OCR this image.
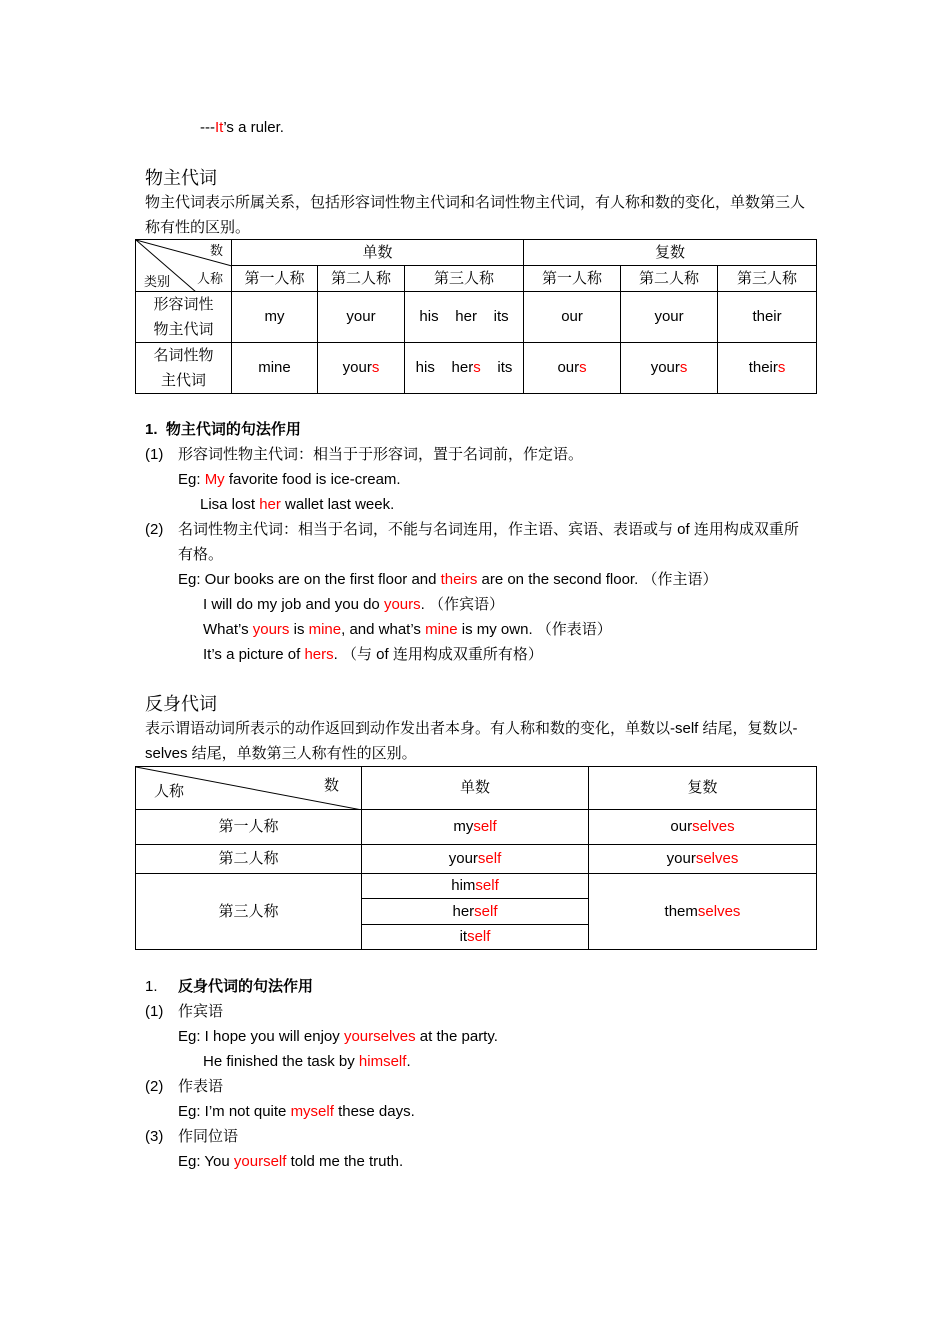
---It’s a ruler.
物主代词
物主代词表示所属关系，包括形容词性物主代词和名词性物主代词，有人称和数的变化，单数第三人称有性的区别。
数
人称
类别	单数			复数		
	第一人称	第二人称	第三人称	第一人称	第二人称	第三人称
形容词性物主代词	my	your	his her its	our	your	their
名词性物主代词	mine	yours	his hers its	ours	yours	theirs
1. 物主代词的句法作用
(1) 形容词性物主代词：相当于于形容词，置于名词前，作定语。
Eg: My favorite food is ice-cream.
Lisa lost her wallet last week.
(2) 名词性物主代词：相当于名词，不能与名词连用，作主语、宾语、表语或与 of 连用构成双重所有格。
Eg: Our books are on the first floor and theirs are on the second floor. （作主语）
I will do my job and you do yours. （作宾语）
What’s yours is mine, and what’s mine is my own. （作表语）
It’s a picture of hers. （与 of 连用构成双重所有格）
反身代词
表示谓语动词所表示的动作返回到动作发出者本身。有人称和数的变化，单数以-self 结尾，复数以-selves 结尾，单数第三人称有性的区别。
人称 数	单数	复数
第一人称	myself	ourselves
第二人称	yourself	yourselves
第三人称	himself	themselves
	herself	
	itself	
1. 反身代词的句法作用
(1) 作宾语
Eg: I hope you will enjoy yourselves at the party.
He finished the task by himself.
(2) 作表语
Eg: I’m not quite myself these days.
(3) 作同位语
Eg: You yourself told me the truth.
